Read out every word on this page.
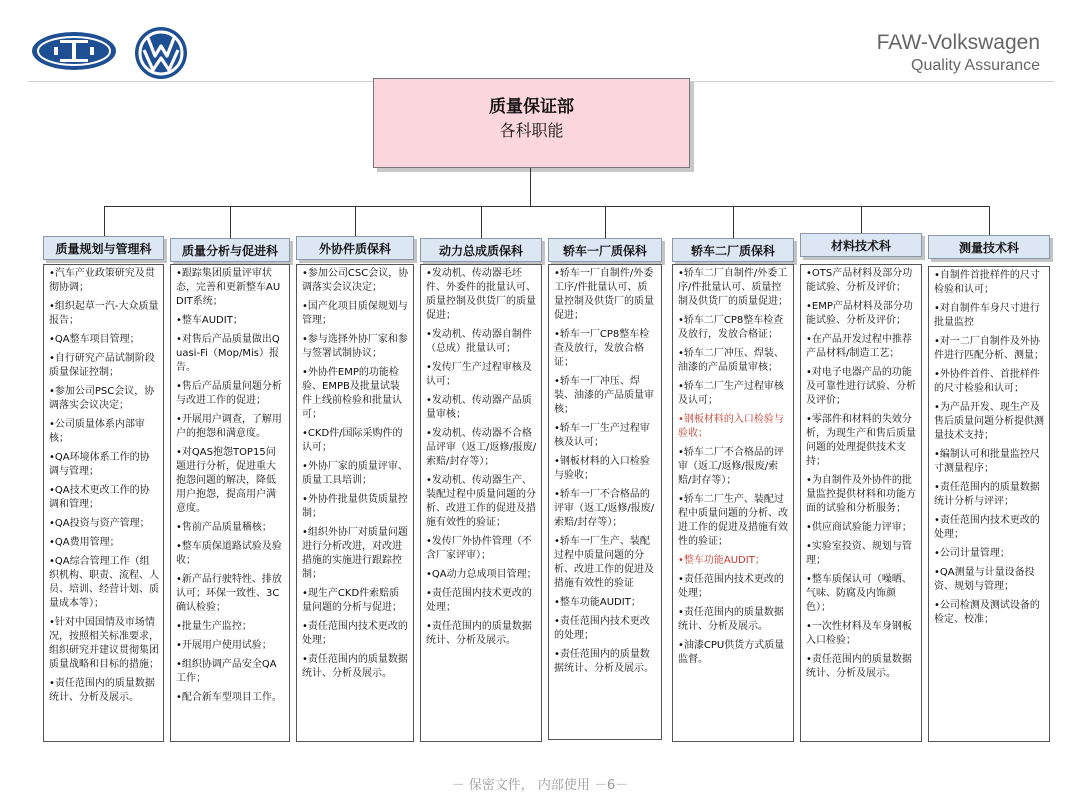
FAW-Volkswagen
Quality Assurance
质量保证部
各科职能
质量规划与管理科
•汽车产业政策研究及贯彻协调；
•组织起草一汽-大众质量报告；
•QA整车项目管理；
•自行研究产品试制阶段质量保证控制；
•参加公司PSC会议，协调落实会议决定；
•公司质量体系内部审核；
•QA环境体系工作的协调与管理；
•QA技术更改工作的协调和管理；
•QA投资与资产管理；
•QA费用管理；
•QA综合管理工作（组织机构、职责、流程、人员、培训、经营计划、质量成本等）；
•针对中国国情及市场情况，按照相关标准要求，组织研究并建议贯彻集团质量战略和目标的措施；
•责任范围内的质量数据统计、分析及展示。
质量分析与促进科
•跟踪集团质量评审状态，完善和更新整车AUDIT系统；
•整车AUDIT；
•对售后产品质量做出Quasi-Fi（Mop/Mis）报告。
•售后产品质量问题分析与改进工作的促进；
•开展用户调查，了解用户的抱怨和满意度。
•对QAS抱怨TOP15问题进行分析，促进重大抱怨问题的解决，降低用户抱怨，提高用户满意度。
•售前产品质量稽核；
•整车质保道路试验及验收；
•新产品行驶特性、排放认可；环保一致性、3C确认检验；
•批量生产监控；
•开展用户使用试验；
•组织协调产品安全QA工作；
•配合新车型项目工作。
外协件质保科
•参加公司CSC会议，协调落实会议决定；
•国产化项目质保规划与管理；
•参与选择外协厂家和参与签署试制协议；
•外协件EMP的功能检验、EMPB及批量试装件上线前检验和批量认可；
•CKD件/国际采购件的认可；
•外协厂家的质量评审、质量工具培训；
•外协件批量供货质量控制；
•组织外协厂对质量问题进行分析改进，对改进措施的实施进行跟踪控制；
•现生产CKD件索赔质量问题的分析与促进；
•责任范围内技术更改的处理；
•责任范围内的质量数据统计、分析及展示。
动力总成质保科
•发动机、传动器毛坯件、外委件的批量认可、质量控制及供货厂的质量促进；
•发动机、传动器自制件（总成）批量认可；
•发传厂生产过程审核及认可；
•发动机、传动器产品质量审核；
•发动机、传动器不合格品评审（返工/返修/报废/索赔/封存等）；
•发动机、传动器生产、装配过程中质量问题的分析、改进工作的促进及措施有效性的验证；
•发传厂外协件管理（不含厂家评审）；
•QA动力总成项目管理；
•责任范围内技术更改的处理；
•责任范围内的质量数据统计、分析及展示。
轿车一厂质保科
•轿车一厂自制件/外委工序/件批量认可、质量控制及供货厂的质量促进；
•轿车一厂CP8整车检查及放行，发放合格证；
•轿车一厂冲压、焊装、油漆的产品质量审核；
•轿车一厂生产过程审核及认可；
•钢板材料的入口检验与验收；
•轿车一厂不合格品的评审（返工/返修/报废/索赔/封存等）；
•轿车一厂生产、装配过程中质量问题的分析、改进工作的促进及措施有效性的验证
•整车功能AUDIT；
•责任范围内技术更改的处理；
•责任范围内的质量数据统计、分析及展示。
轿车二厂质保科
•轿车二厂自制件/外委工序/件批量认可、质量控制及供货厂的质量促进；
•轿车二厂CP8整车检查及放行，发放合格证；
•轿车二厂冲压、焊装、油漆的产品质量审核；
•轿车二厂生产过程审核及认可；
•钢板材料的入口检验与验收；
•轿车二厂不合格品的评审（返工/返修/报废/索赔/封存等）；
•轿车二厂生产、装配过程中质量问题的分析、改进工作的促进及措施有效性的验证；
•整车功能AUDIT；
•责任范围内技术更改的处理；
•责任范围内的质量数据统计、分析及展示。
•油漆CPU供货方式质量监督。
材料技术科
•OTS产品材料及部分功能试验、分析及评价；
•EMP产品材料及部分功能试验、分析及评价；
•在产品开发过程中推荐产品材料/制造工艺；
•对电子电器产品的功能及可靠性进行试验、分析及评价；
•零部件和材料的失效分析，为现生产和售后质量问题的处理提供技术支持；
•为自制件及外协件的批量监控提供材料和功能方面的试验和分析服务；
•供应商试验能力评审；
•实验室投资、规划与管理；
•整车质保认可（噪晒、气味、防腐及内饰颜色）；
•一次性材料及车身钢板入口检验；
•责任范围内的质量数据统计、分析及展示。
测量技术科
•自制件首批样件的尺寸检验和认可；
•对自制件车身尺寸进行批量监控
•对一二厂自制件及外协件进行匹配分析、测量；
•外协件首件、首批样件的尺寸检验和认可；
•为产品开发、现生产及售后质量问题分析提供测量技术支持；
•编制认可和批量监控尺寸测量程序；
•责任范围内的质量数据统计分析与评评；
•责任范围内技术更改的处理；
•公司计量管理；
•QA测量与计量设备投资、规划与管理；
•公司检测及测试设备的检定、校准；
－ 保密文件， 内部使用 －6－
